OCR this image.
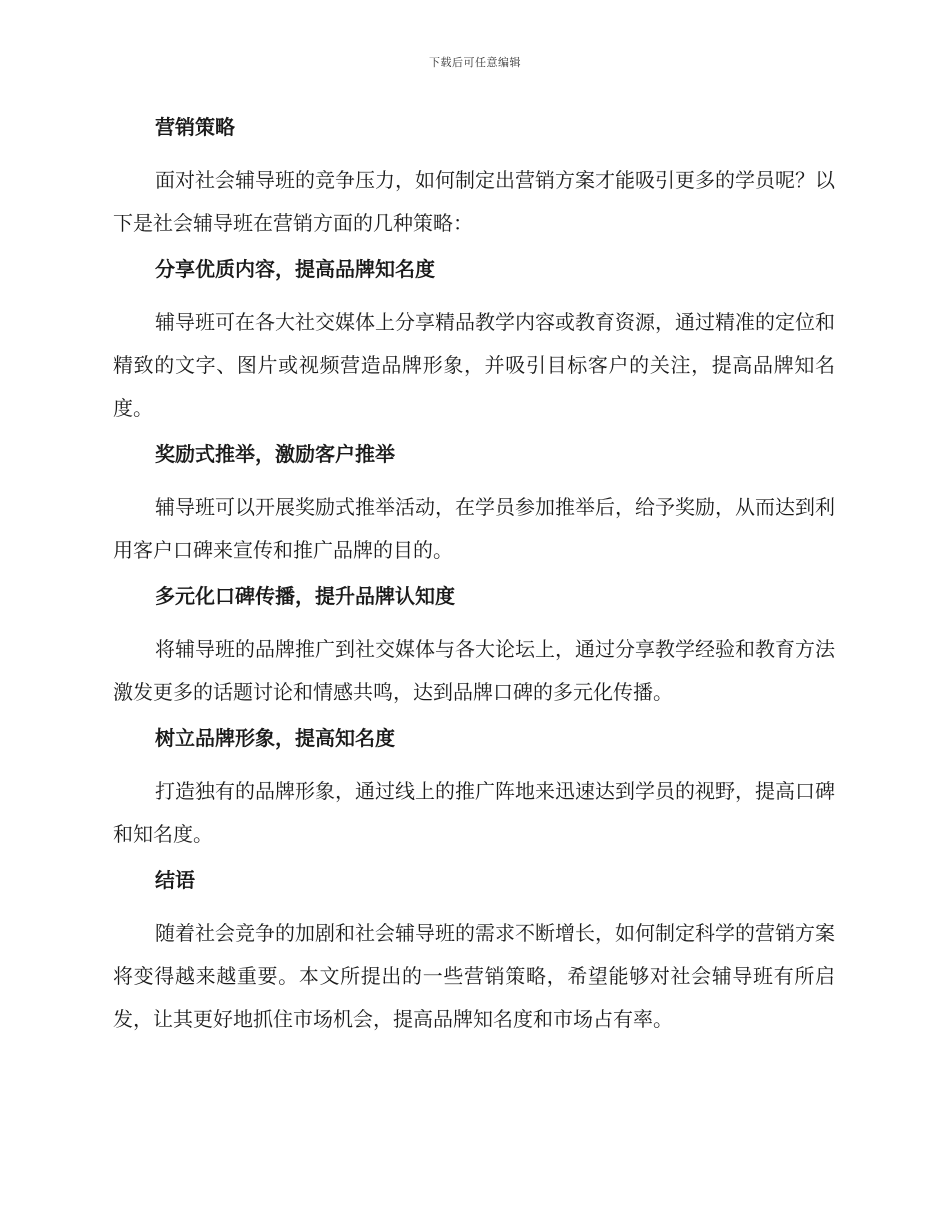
下载后可任意编辑
营销策略

面对社会辅导班的竞争压力，如何制定出营销方案才能吸引更多的学员呢？以下是社会辅导班在营销方面的几种策略：

分享优质内容，提高品牌知名度

辅导班可在各大社交媒体上分享精品教学内容或教育资源，通过精准的定位和精致的文字、图片或视频营造品牌形象，并吸引目标客户的关注，提高品牌知名度。

奖励式推举，激励客户推举

辅导班可以开展奖励式推举活动，在学员参加推举后，给予奖励，从而达到利用客户口碑来宣传和推广品牌的目的。

多元化口碑传播，提升品牌认知度

将辅导班的品牌推广到社交媒体与各大论坛上，通过分享教学经验和教育方法激发更多的话题讨论和情感共鸣，达到品牌口碑的多元化传播。

树立品牌形象，提高知名度

打造独有的品牌形象，通过线上的推广阵地来迅速达到学员的视野，提高口碑和知名度。

结语

随着社会竞争的加剧和社会辅导班的需求不断增长，如何制定科学的营销方案将变得越来越重要。本文所提出的一些营销策略，希望能够对社会辅导班有所启发，让其更好地抓住市场机会，提高品牌知名度和市场占有率。
